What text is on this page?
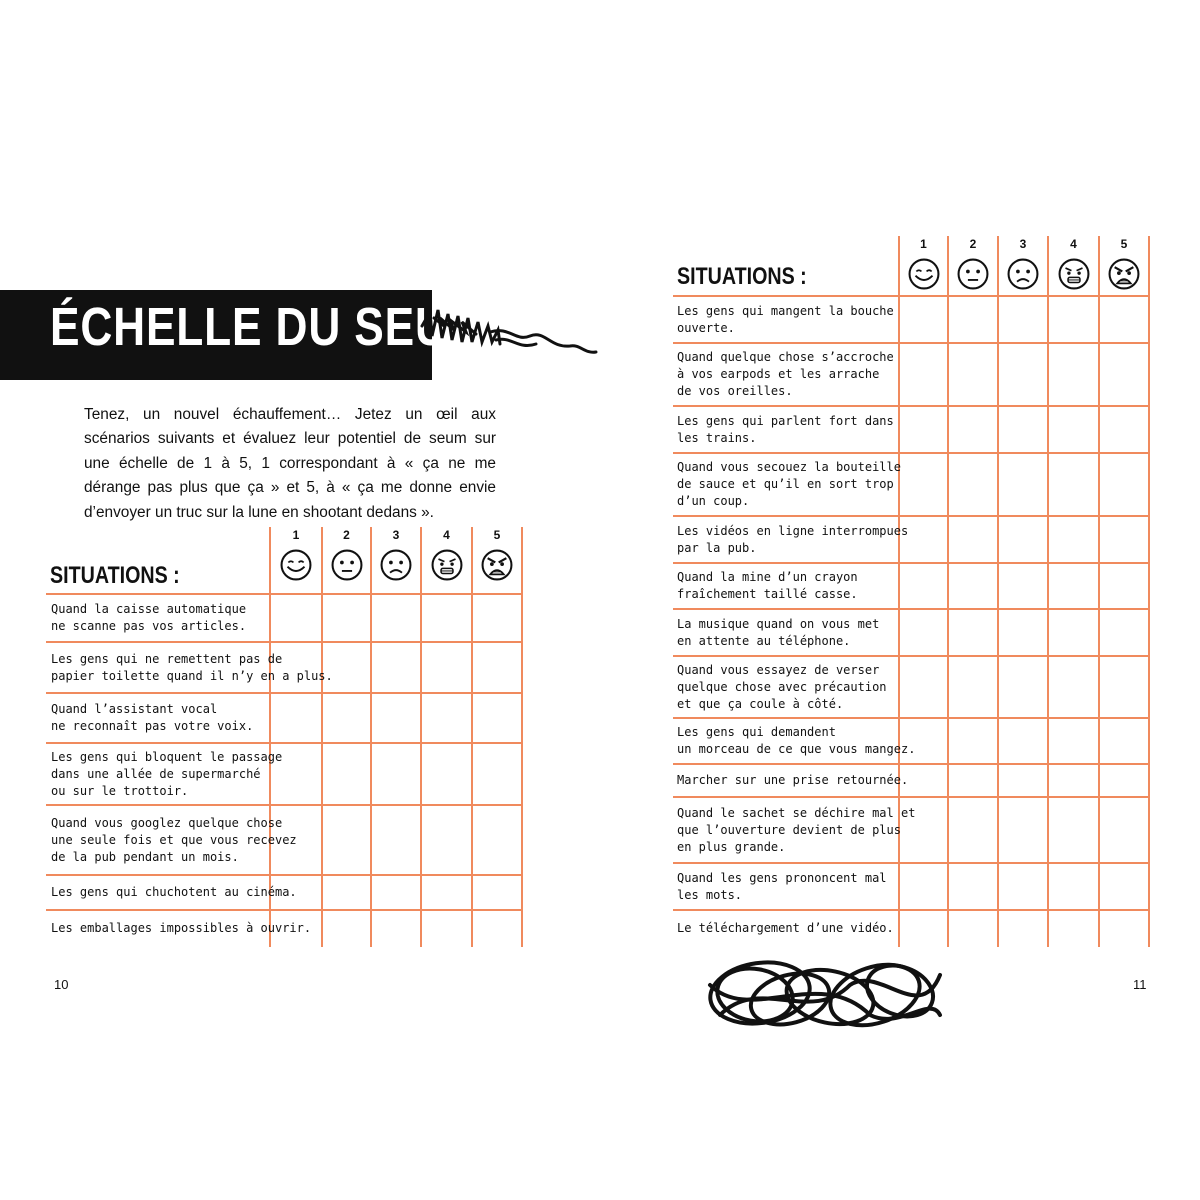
ÉCHELLE DU SEUM
Tenez, un nouvel échauffement… Jetez un œil aux scénarios suivants et évaluez leur potentiel de seum sur une échelle de 1 à 5, 1 correspondant à « ça ne me dérange pas plus que ça » et 5, à « ça me donne envie d’envoyer un truc sur la lune en shootant dedans ».
SITUATIONS :
1	2	3	4	5
Quand la caisse automatique
ne scanne pas vos articles.
Les gens qui ne remettent pas de
papier toilette quand il n’y en a plus.
Quand l’assistant vocal
ne reconnaît pas votre voix.
Les gens qui bloquent le passage
dans une allée de supermarché
ou sur le trottoir.
Quand vous googlez quelque chose
une seule fois et que vous recevez
de la pub pendant un mois.
Les gens qui chuchotent au cinéma.
Les emballages impossibles à ouvrir.
10
SITUATIONS :
1	2	3	4	5
Les gens qui mangent la bouche
ouverte.
Quand quelque chose s’accroche
à vos earpods et les arrache
de vos oreilles.
Les gens qui parlent fort dans
les trains.
Quand vous secouez la bouteille
de sauce et qu’il en sort trop
d’un coup.
Les vidéos en ligne interrompues
par la pub.
Quand la mine d’un crayon
fraîchement taillé casse.
La musique quand on vous met
en attente au téléphone.
Quand vous essayez de verser
quelque chose avec précaution
et que ça coule à côté.
Les gens qui demandent
un morceau de ce que vous mangez.
Marcher sur une prise retournée.
Quand le sachet se déchire mal et
que l’ouverture devient de plus
en plus grande.
Quand les gens prononcent mal
les mots.
Le téléchargement d’une vidéo.
11
